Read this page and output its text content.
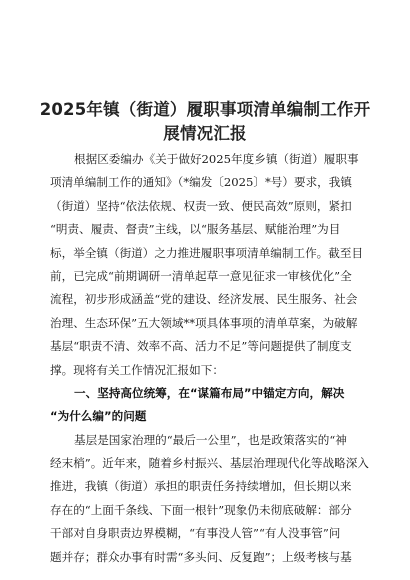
2025年镇（街道）履职事项清单编制工作开
展情况汇报
根据区委编办《关于做好2025年度乡镇（街道）履职事
项清单编制工作的通知》（*编发〔2025〕*号）要求，我镇
（街道）坚持“依法依规、权责一致、便民高效”原则，紧扣
“明责、履责、督责”主线，以“服务基层、赋能治理”为目
标，举全镇（街道）之力推进履职事项清单编制工作。截至目
前，已完成“前期调研一清单起草一意见征求一审核优化”全
流程，初步形成涵盖“党的建设、经济发展、民生服务、社会
治理、生态环保”五大领域**项具体事项的清单草案，为破解
基层“职责不清、效率不高、活力不足”等问题提供了制度支
撑。现将有关工作情况汇报如下：
一、坚持高位统筹，在“谋篇布局”中锚定方向，解决
“为什么编”的问题
基层是国家治理的“最后一公里”，也是政策落实的“神
经末梢”。近年来，随着乡村振兴、基层治理现代化等战略深入
推进，我镇（街道）承担的职责任务持续增加，但长期以来
存在的“上面千条线、下面一根针”现象仍未彻底破解：部分
干部对自身职责边界模糊，“有事没人管”“有人没事管”问
题并存；群众办事有时需“多头问、反复跑”；上级考核与基
